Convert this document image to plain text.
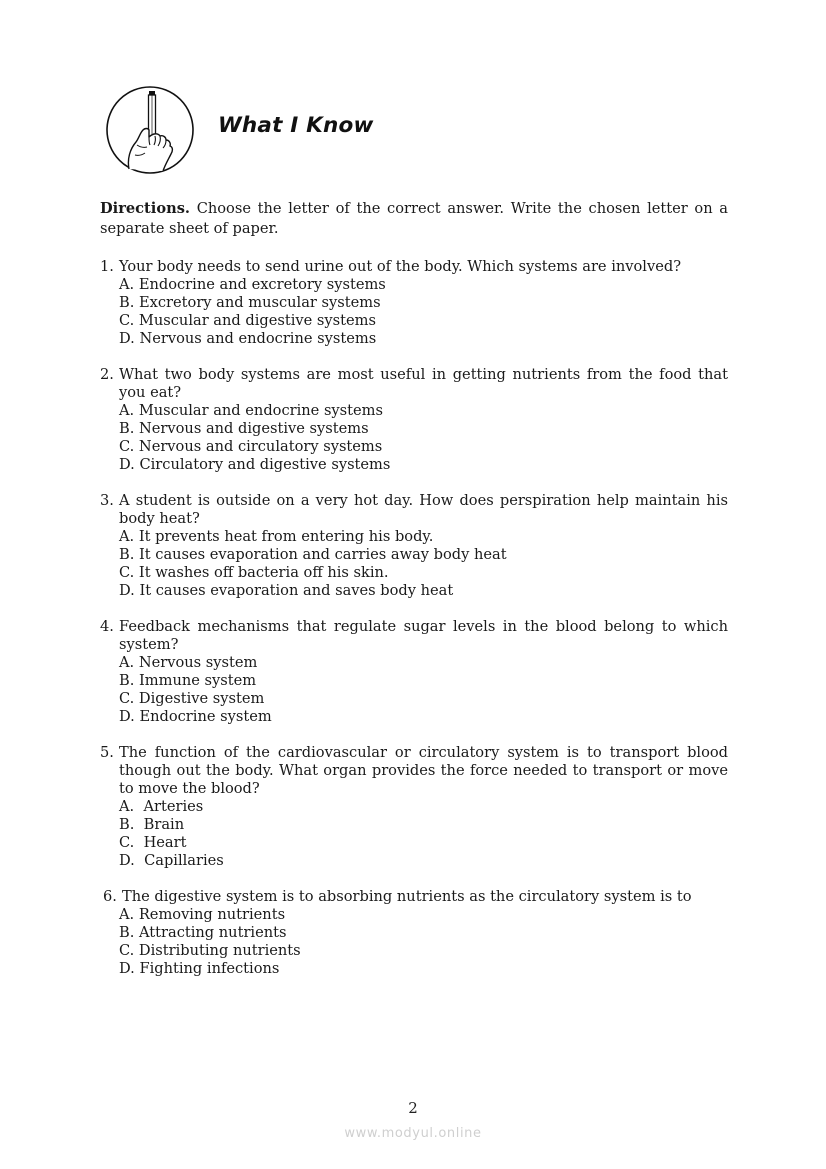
What I Know
Directions. Choose the letter of the correct answer. Write the chosen letter on a separate sheet of paper.
1. Your body needs to send urine out of the body. Which systems are involved?
A. Endocrine and excretory systems
B. Excretory and muscular systems
C. Muscular and digestive systems
D. Nervous and endocrine systems
2. What two body systems are most useful in getting nutrients from the food that you eat?
A. Muscular and endocrine systems
B. Nervous and digestive systems
C. Nervous and circulatory systems
D. Circulatory and digestive systems
3. A student is outside on a very hot day. How does perspiration help maintain his body heat?
A. It prevents heat from entering his body.
B. It causes evaporation and carries away body heat
C. It washes off bacteria off his skin.
D. It causes evaporation and saves body heat
4. Feedback mechanisms that regulate sugar levels in the blood belong to which system?
A. Nervous system
B. Immune system
C. Digestive system
D. Endocrine system
5. The function of the cardiovascular or circulatory system is to transport blood though out the body. What organ provides the force needed to transport or move to move the blood?
A.  Arteries
B.  Brain
C.  Heart
D.  Capillaries
6. The digestive system is to absorbing nutrients as the circulatory system is to
A. Removing nutrients
B. Attracting nutrients
C. Distributing nutrients
D. Fighting infections
2
www.modyul.online
